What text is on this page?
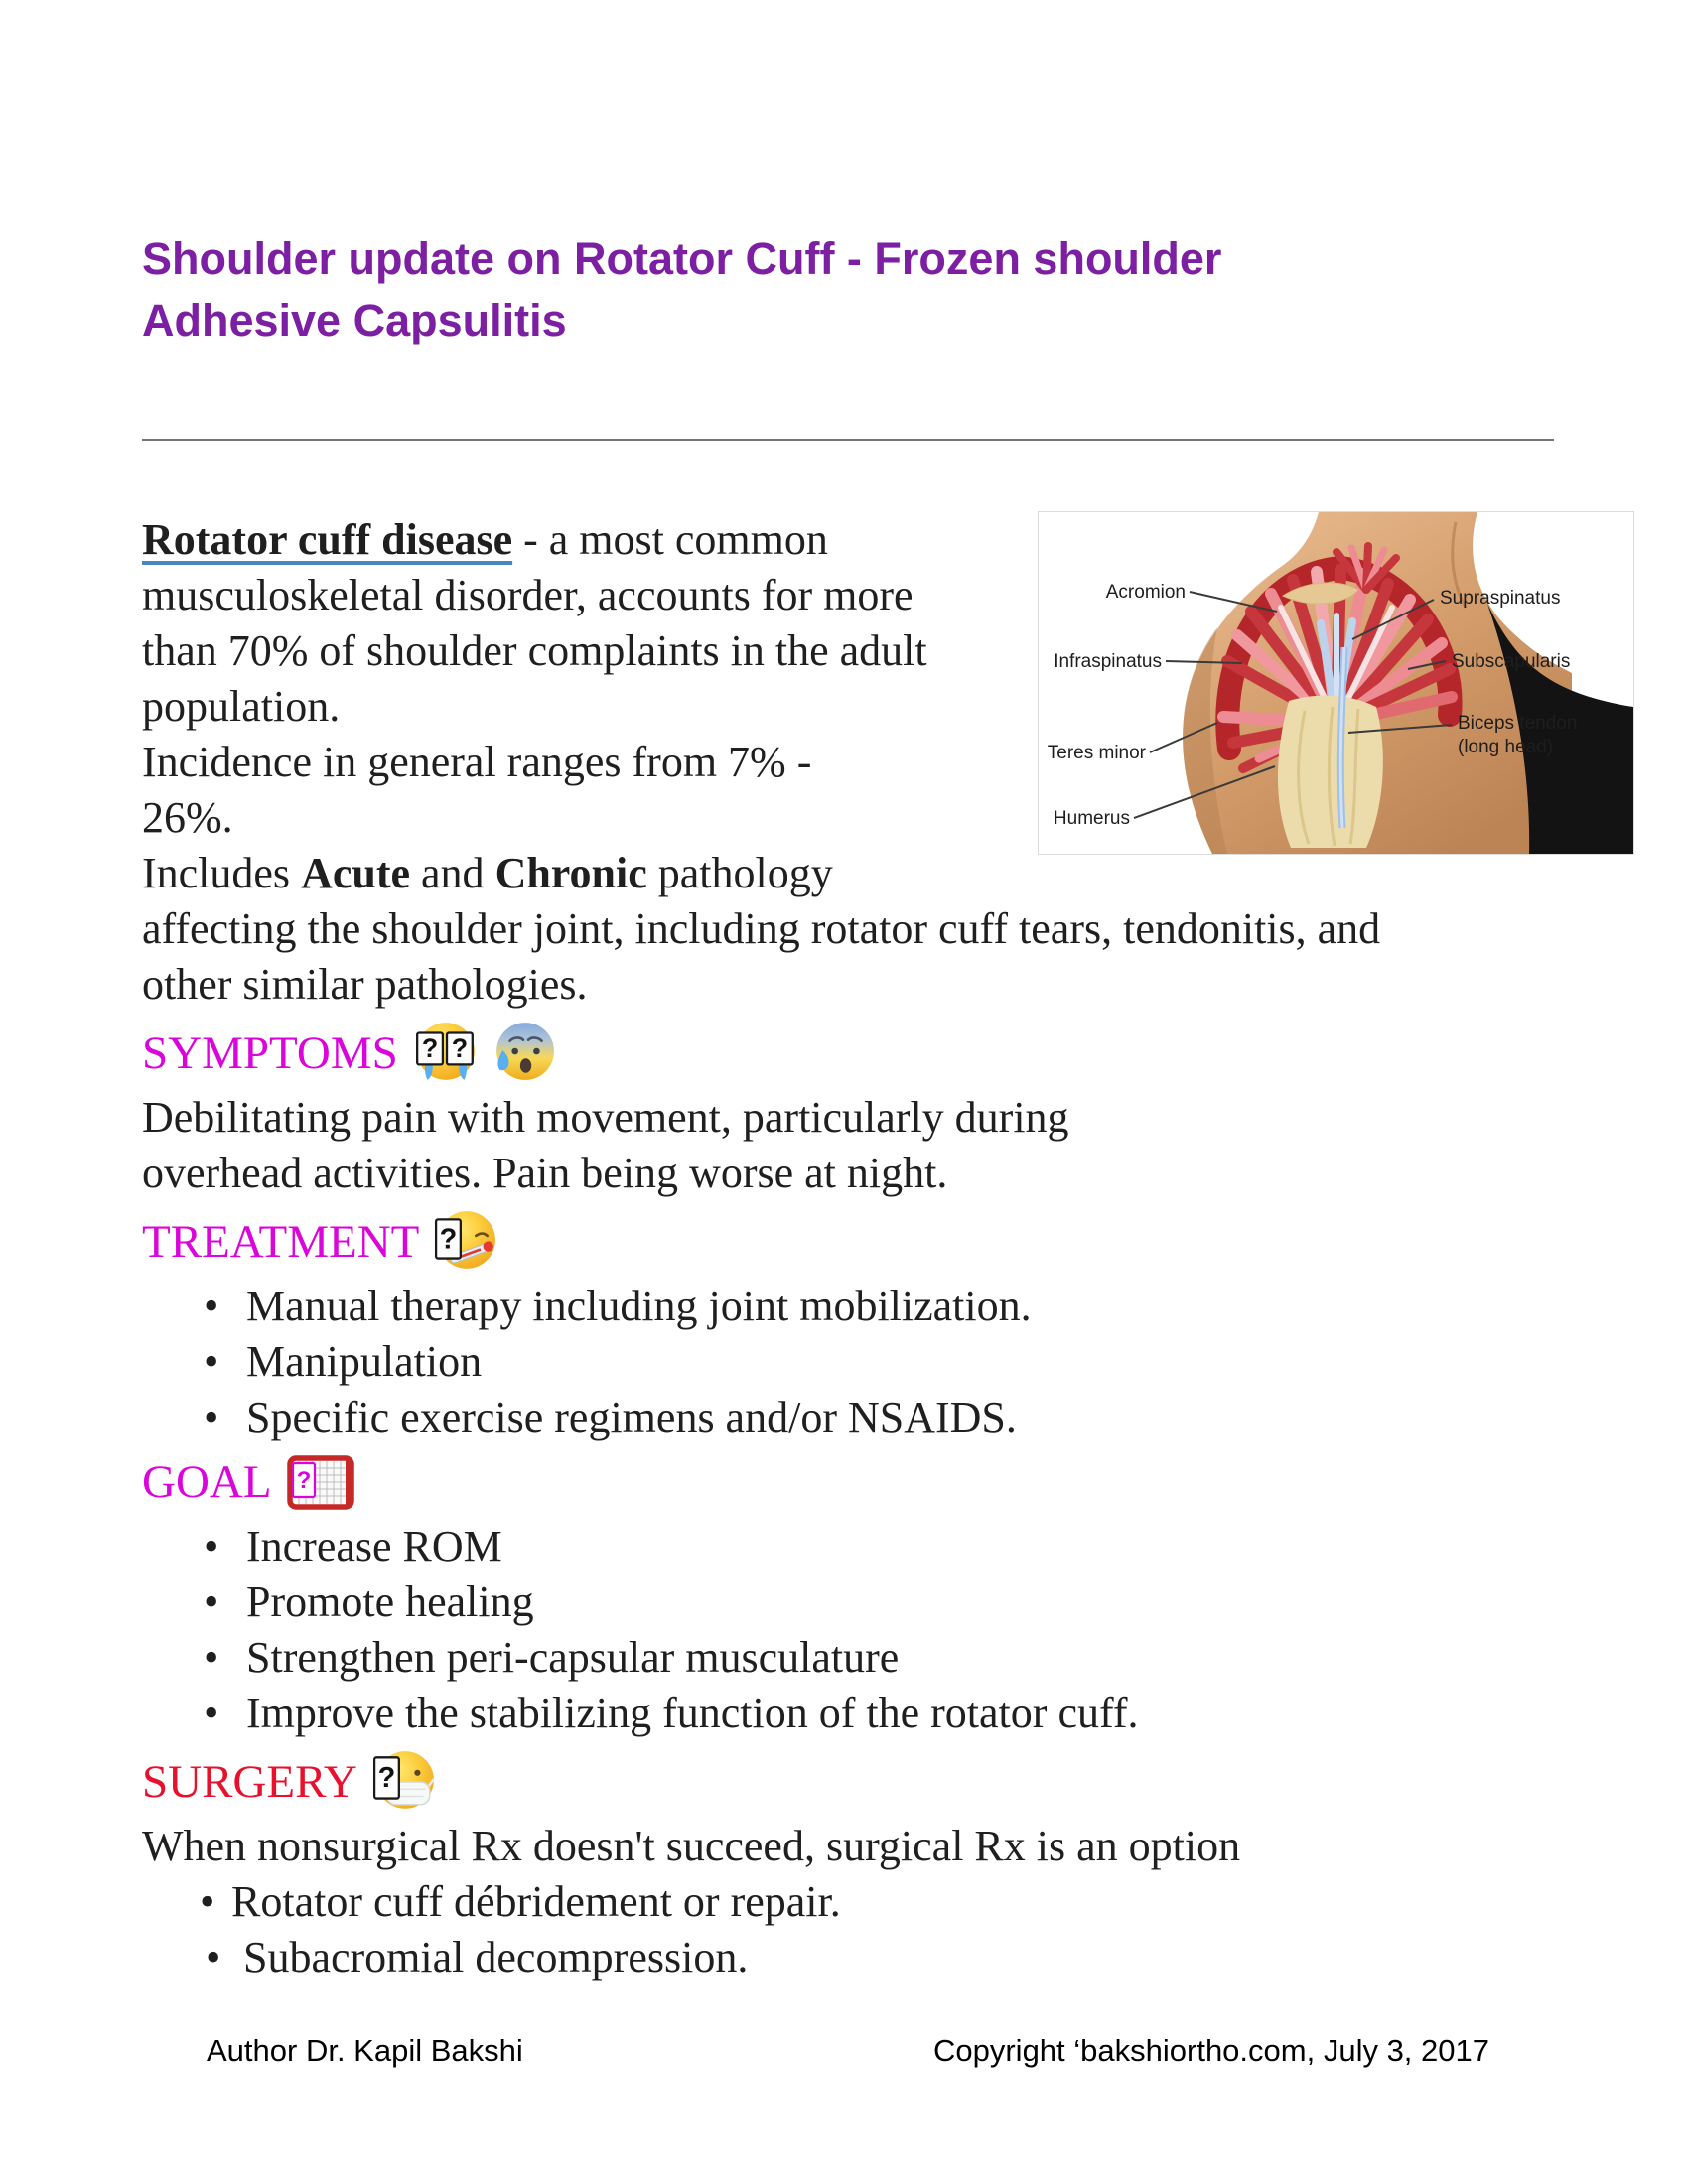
Shoulder update on Rotator Cuff - Frozen shoulder
Adhesive Capsulitis
Acromion	Supraspinatus
Infraspinatus	Subscapularis
Teres minor
Biceps tendon
(long head)
Humerus

Rotator cuff disease - a most common musculoskeletal disorder, accounts for more than 70% of shoulder complaints in the adult population.

Incidence in general ranges from 7% -
26%.

Includes Acute and Chronic pathology affecting the shoulder joint, including rotator cuff tears, tendonitis, and other similar pathologies.

SYMPTOMS ? ?

Debilitating pain with movement, particularly during overhead activities. Pain being worse at night.

TREATMENT ?
• Manual therapy including joint mobilization.
• Manipulation
• Specific exercise regimens and/or NSAIDS.
GOAL ?
• Increase ROM
• Promote healing
• Strengthen peri-capsular musculature
• Improve the stabilizing function of the rotator cuff.
SURGERY ?

When nonsurgical Rx doesn't succeed, surgical Rx is an option

• Rotator cuff débridement or repair.

• Subacromial decompression.

Author Dr. Kapil Bakshi	Copyright ‘bakshiortho.com, July 3, 2017
